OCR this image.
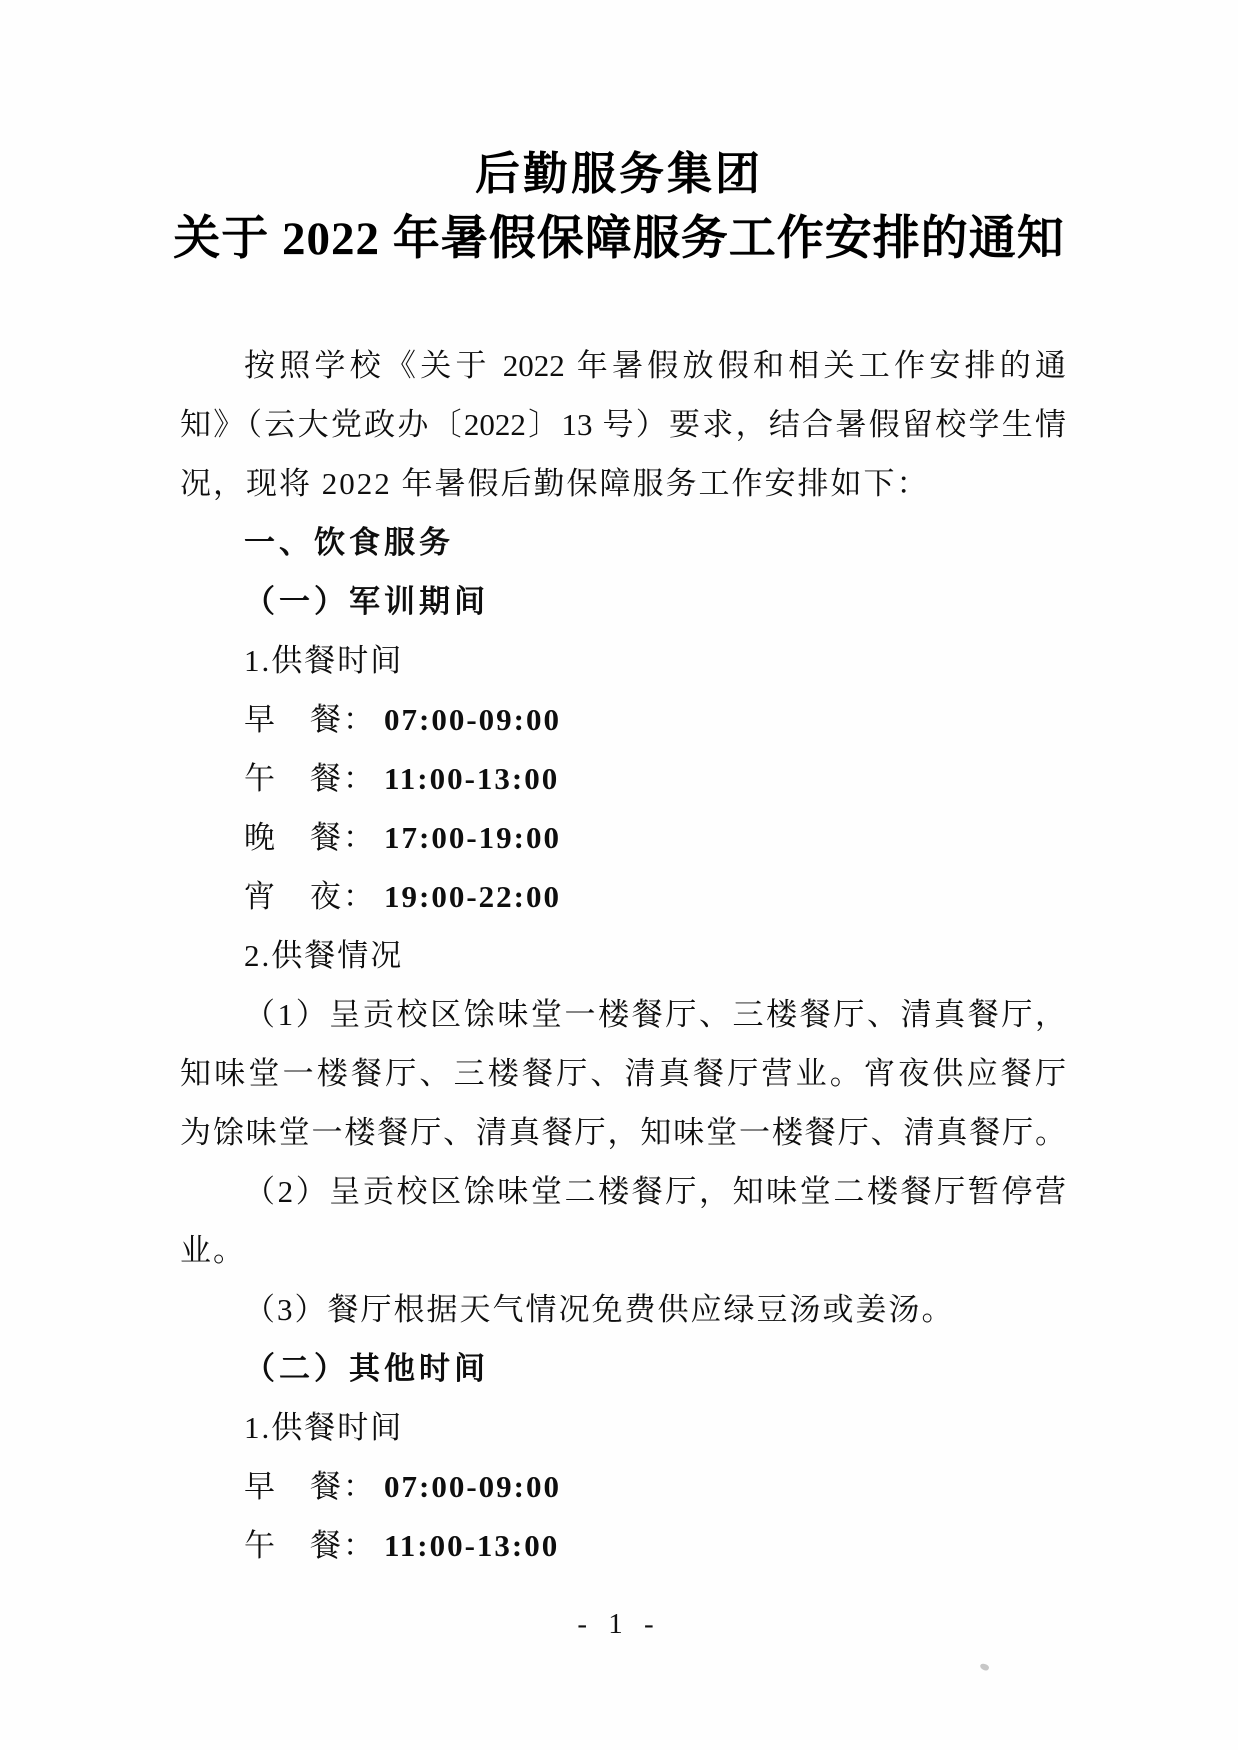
后勤服务集团
关于 2022 年暑假保障服务工作安排的通知
按照学校《关于 2022 年暑假放假和相关工作安排的通
知》（云大党政办〔2022〕13 号）要求，结合暑假留校学生情
况，现将 2022 年暑假后勤保障服务工作安排如下：
一、饮食服务
（一）军训期间
1.供餐时间
早　餐： 07:00-09:00
午　餐： 11:00-13:00
晚　餐： 17:00-19:00
宵　夜： 19:00-22:00
2.供餐情况
（1）呈贡校区馀味堂一楼餐厅、三楼餐厅、清真餐厅，
知味堂一楼餐厅、三楼餐厅、清真餐厅营业。宵夜供应餐厅
为馀味堂一楼餐厅、清真餐厅，知味堂一楼餐厅、清真餐厅。
（2）呈贡校区馀味堂二楼餐厅，知味堂二楼餐厅暂停营
业。
（3）餐厅根据天气情况免费供应绿豆汤或姜汤。
（二）其他时间
1.供餐时间
早　餐： 07:00-09:00
午　餐： 11:00-13:00
- 1 -
